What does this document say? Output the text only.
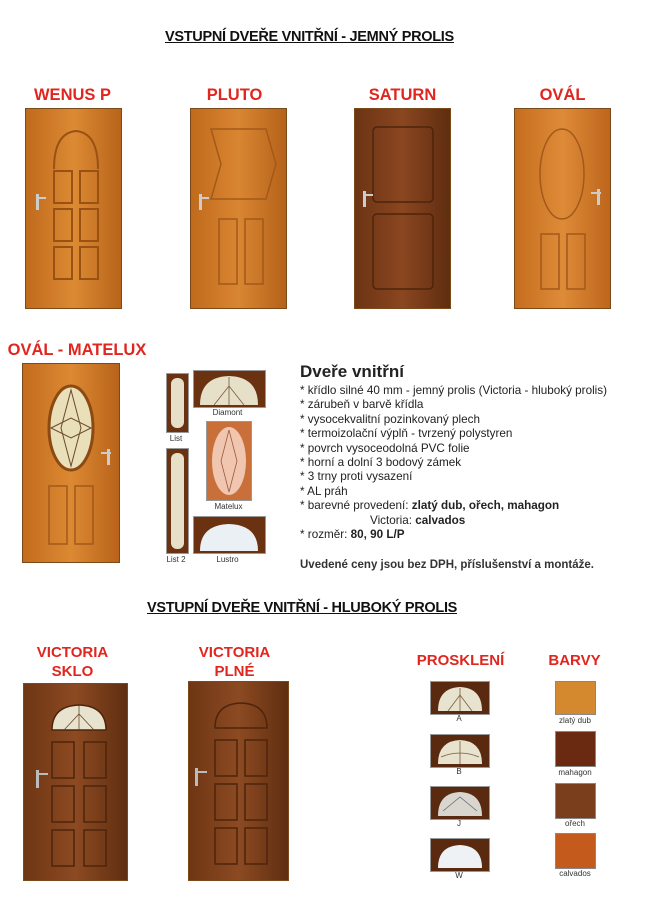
VSTUPNÍ DVEŘE VNITŘNÍ - JEMNÝ PROLIS
WENUS P	PLUTO	SATURN	OVÁL
OVÁL - MATELUX
List
Diamont
Matelux
List 2	Lustro
Dveře vnitřní
* křídlo silné 40 mm - jemný prolis (Victoria - hluboký prolis)
* zárubeň v barvě křídla
* vysocekvalitní pozinkovaný plech
* termoizolační výplň - tvrzený polystyren
* povrch vysoceodolná PVC folie
* horní a dolní 3 bodový zámek
* 3 trny proti vysazení
* AL práh
* barevné provedení: zlatý dub, ořech, mahagon
Victoria: calvados
* rozměr: 80, 90 L/P
Uvedené ceny jsou bez DPH, příslušenství a montáže.
VSTUPNÍ DVEŘE VNITŘNÍ - HLUBOKÝ PROLIS
VICTORIA
SKLO
VICTORIA
PLNÉ
PROSKLENÍ	BARVY
A
B
J
W
zlatý dub
mahagon
ořech
calvados
